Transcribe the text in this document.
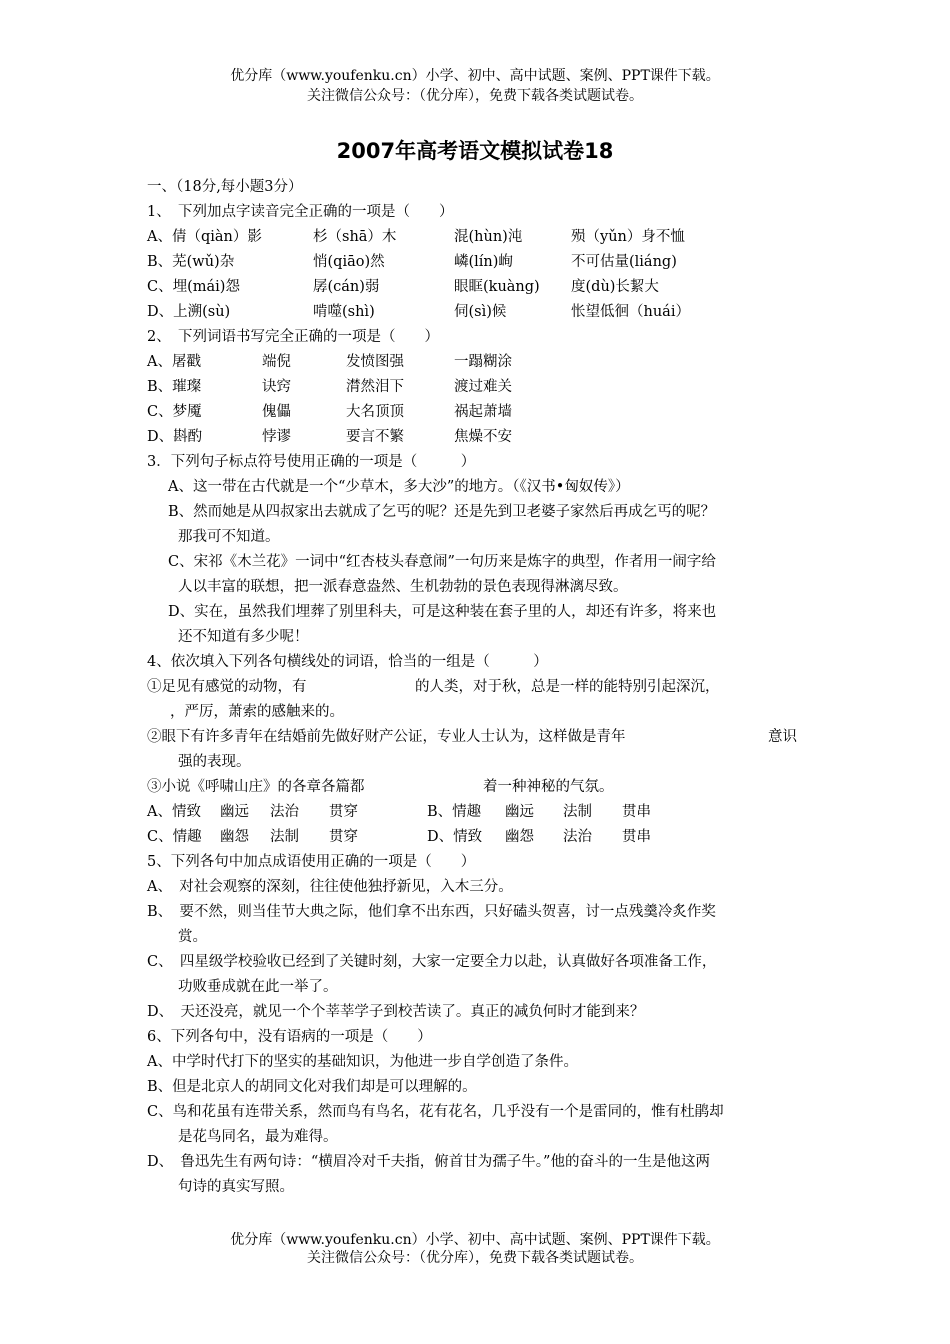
优分库（www.youfenku.cn）小学、初中、高中试题、案例、PPT课件下载。
关注微信公众号：（优分库），免费下载各类试题试卷。
2007年高考语文模拟试卷18
一、（18分,每小题3分）
1、　下列加点字读音完全正确的一项是（　　）
A、倩（qiàn）影	杉（shā）木	混(hùn)沌	殒（yǔn）身不恤
B、芜(wǔ)杂	悄(qiāo)然	嶙(lín)峋	不可估量(liáng)
C、埋(mái)怨	孱(cán)弱	眼眶(kuàng) 度(dù)长絜大
D、上溯(sù)	啃噬(shì)	伺(sì)候	怅望低徊（huái）
2、　下列词语书写完全正确的一项是（　　）
A、屠戳	端倪	发愤图强	一蹋糊涂
B、璀璨	诀窍	潸然泪下	渡过难关
C、梦魇	傀儡	大名顶顶	祸起萧墙
D、斟酌	悖谬	要言不繁	焦燥不安
3．下列句子标点符号使用正确的一项是（　　　）
A、这一带在古代就是一个“少草木，多大沙”的地方。（《汉书•匈奴传》）
B、然而她是从四叔家出去就成了乞丐的呢？还是先到卫老婆子家然后再成乞丐的呢？
那我可不知道。
C、宋祁《木兰花》一词中“红杏枝头春意闹”一句历来是炼字的典型，作者用一闹字给
人以丰富的联想，把一派春意盎然、生机勃勃的景色表现得淋漓尽致。
D、实在，虽然我们埋葬了别里科夫，可是这种装在套子里的人，却还有许多，将来也
还不知道有多少呢！
4、依次填入下列各句横线处的词语，恰当的一组是（　　　）
①足见有感觉的动物，有	的人类，对于秋，总是一样的能特别引起深沉，
，严厉，萧索的感触来的。
②眼下有许多青年在结婚前先做好财产公证，专业人士认为，这样做是青年	意识
强的表现。
③小说《呼啸山庄》的各章各篇都	着一种神秘的气氛。
A、情致 幽远 法治 贯穿	B、情趣 幽远 法制 贯串
C、情趣 幽怨 法制 贯穿	D、情致 幽怨 法治 贯串
5、下列各句中加点成语使用正确的一项是（　　）
A、　对社会观察的深刻，往往使他独抒新见，入木三分。
B、　要不然，则当佳节大典之际，他们拿不出东西，只好磕头贺喜，讨一点残羹冷炙作奖
赏。
C、　四星级学校验收已经到了关键时刻，大家一定要全力以赴，认真做好各项准备工作，
功败垂成就在此一举了。
D、　天还没亮，就见一个个莘莘学子到校苦读了。真正的减负何时才能到来？
6、下列各句中，没有语病的一项是（　　）
A、中学时代打下的坚实的基础知识，为他进一步自学创造了条件。
B、但是北京人的胡同文化对我们却是可以理解的。
C、鸟和花虽有连带关系，然而鸟有鸟名，花有花名，几乎没有一个是雷同的，惟有杜鹃却
是花鸟同名，最为难得。
D、　鲁迅先生有两句诗：“横眉冷对千夫指，俯首甘为孺子牛。”他的奋斗的一生是他这两
句诗的真实写照。
优分库（www.youfenku.cn）小学、初中、高中试题、案例、PPT课件下载。
关注微信公众号：（优分库），免费下载各类试题试卷。
